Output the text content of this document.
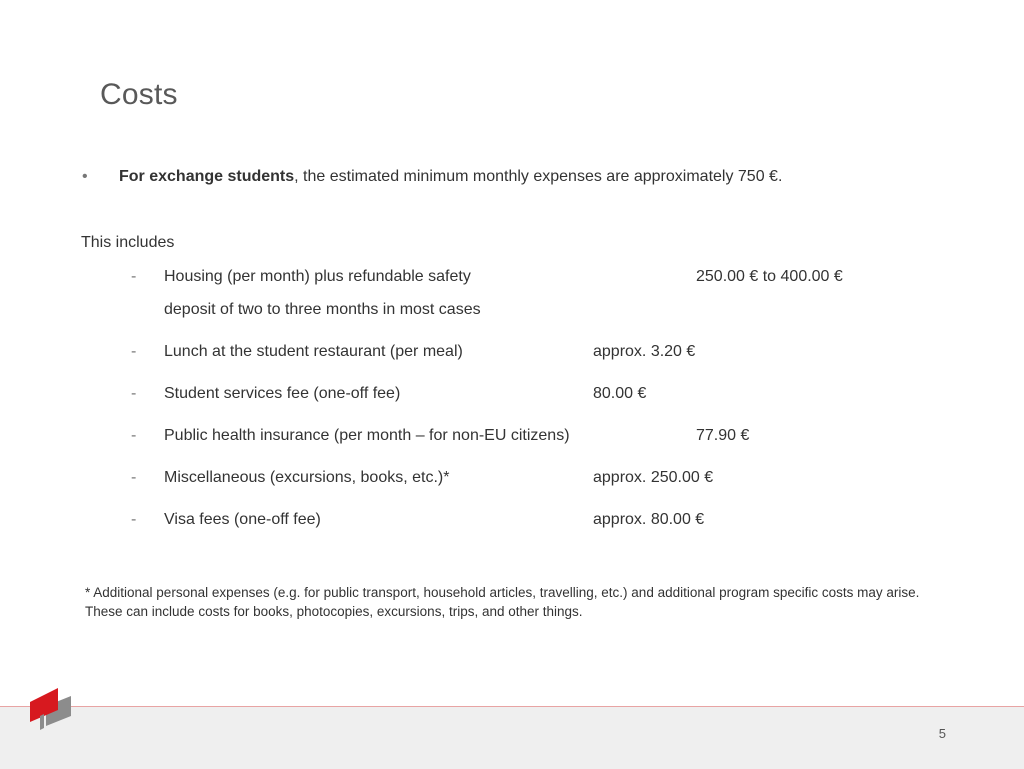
Costs
• For exchange students, the estimated minimum monthly expenses are approximately 750 €.
This includes
- Housing (per month) plus refundable safety	250.00 € to 400.00 €
deposit of two to three months in most cases
- Lunch at the student restaurant (per meal)	approx. 3.20 €
- Student services fee (one-off fee)	80.00 €
- Public health insurance (per month – for non-EU citizens)	77.90 €
- Miscellaneous (excursions, books, etc.)*	approx. 250.00 €
- Visa fees (one-off fee)	approx. 80.00 €
* Additional personal expenses (e.g. for public transport, household articles, travelling, etc.) and additional program specific costs may arise. These can include costs for books, photocopies, excursions, trips, and other things.
5
